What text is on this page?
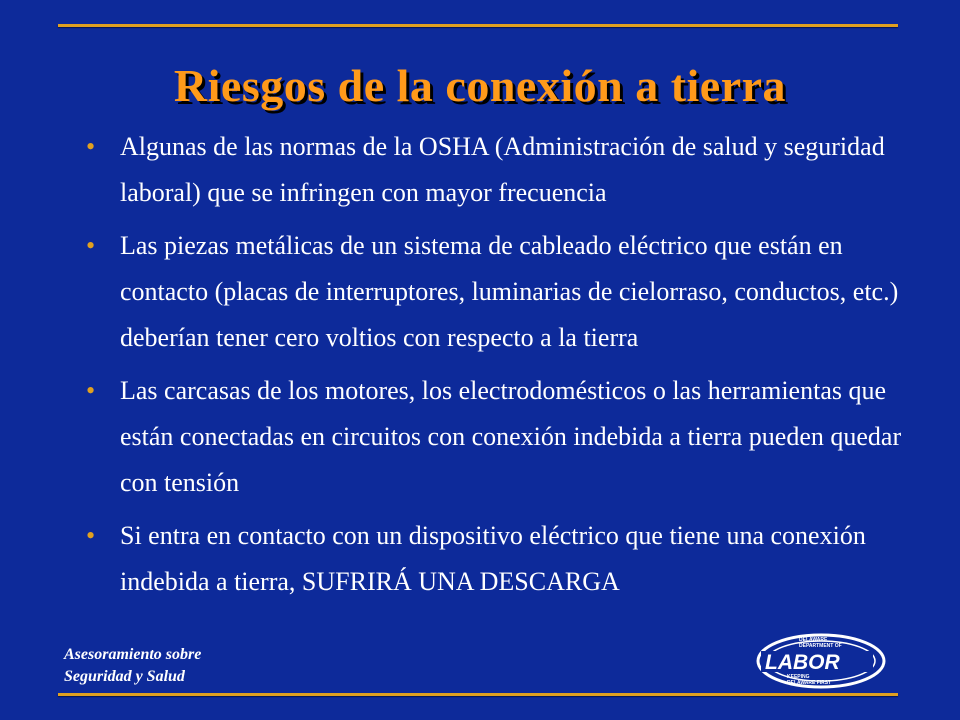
Riesgos de la conexión a tierra
• Algunas de las normas de la OSHA (Administración de salud y seguridad laboral) que se infringen con mayor frecuencia
• Las piezas metálicas de un sistema de cableado eléctrico que están en contacto (placas de interruptores, luminarias de cielorraso, conductos, etc.) deberían tener cero voltios con respecto a la tierra
• Las carcasas de los motores, los electrodomésticos o las herramientas que están conectadas en circuitos con conexión indebida a tierra pueden quedar con tensión
• Si entra en contacto con un dispositivo eléctrico que tiene una conexión indebida a tierra, SUFRIRÁ UNA DESCARGA
Asesoramiento sobre
Seguridad y Salud
DELAWARE
DEPARTMENT OF
LABOR
KEEPING
DELAWARE FIRST
